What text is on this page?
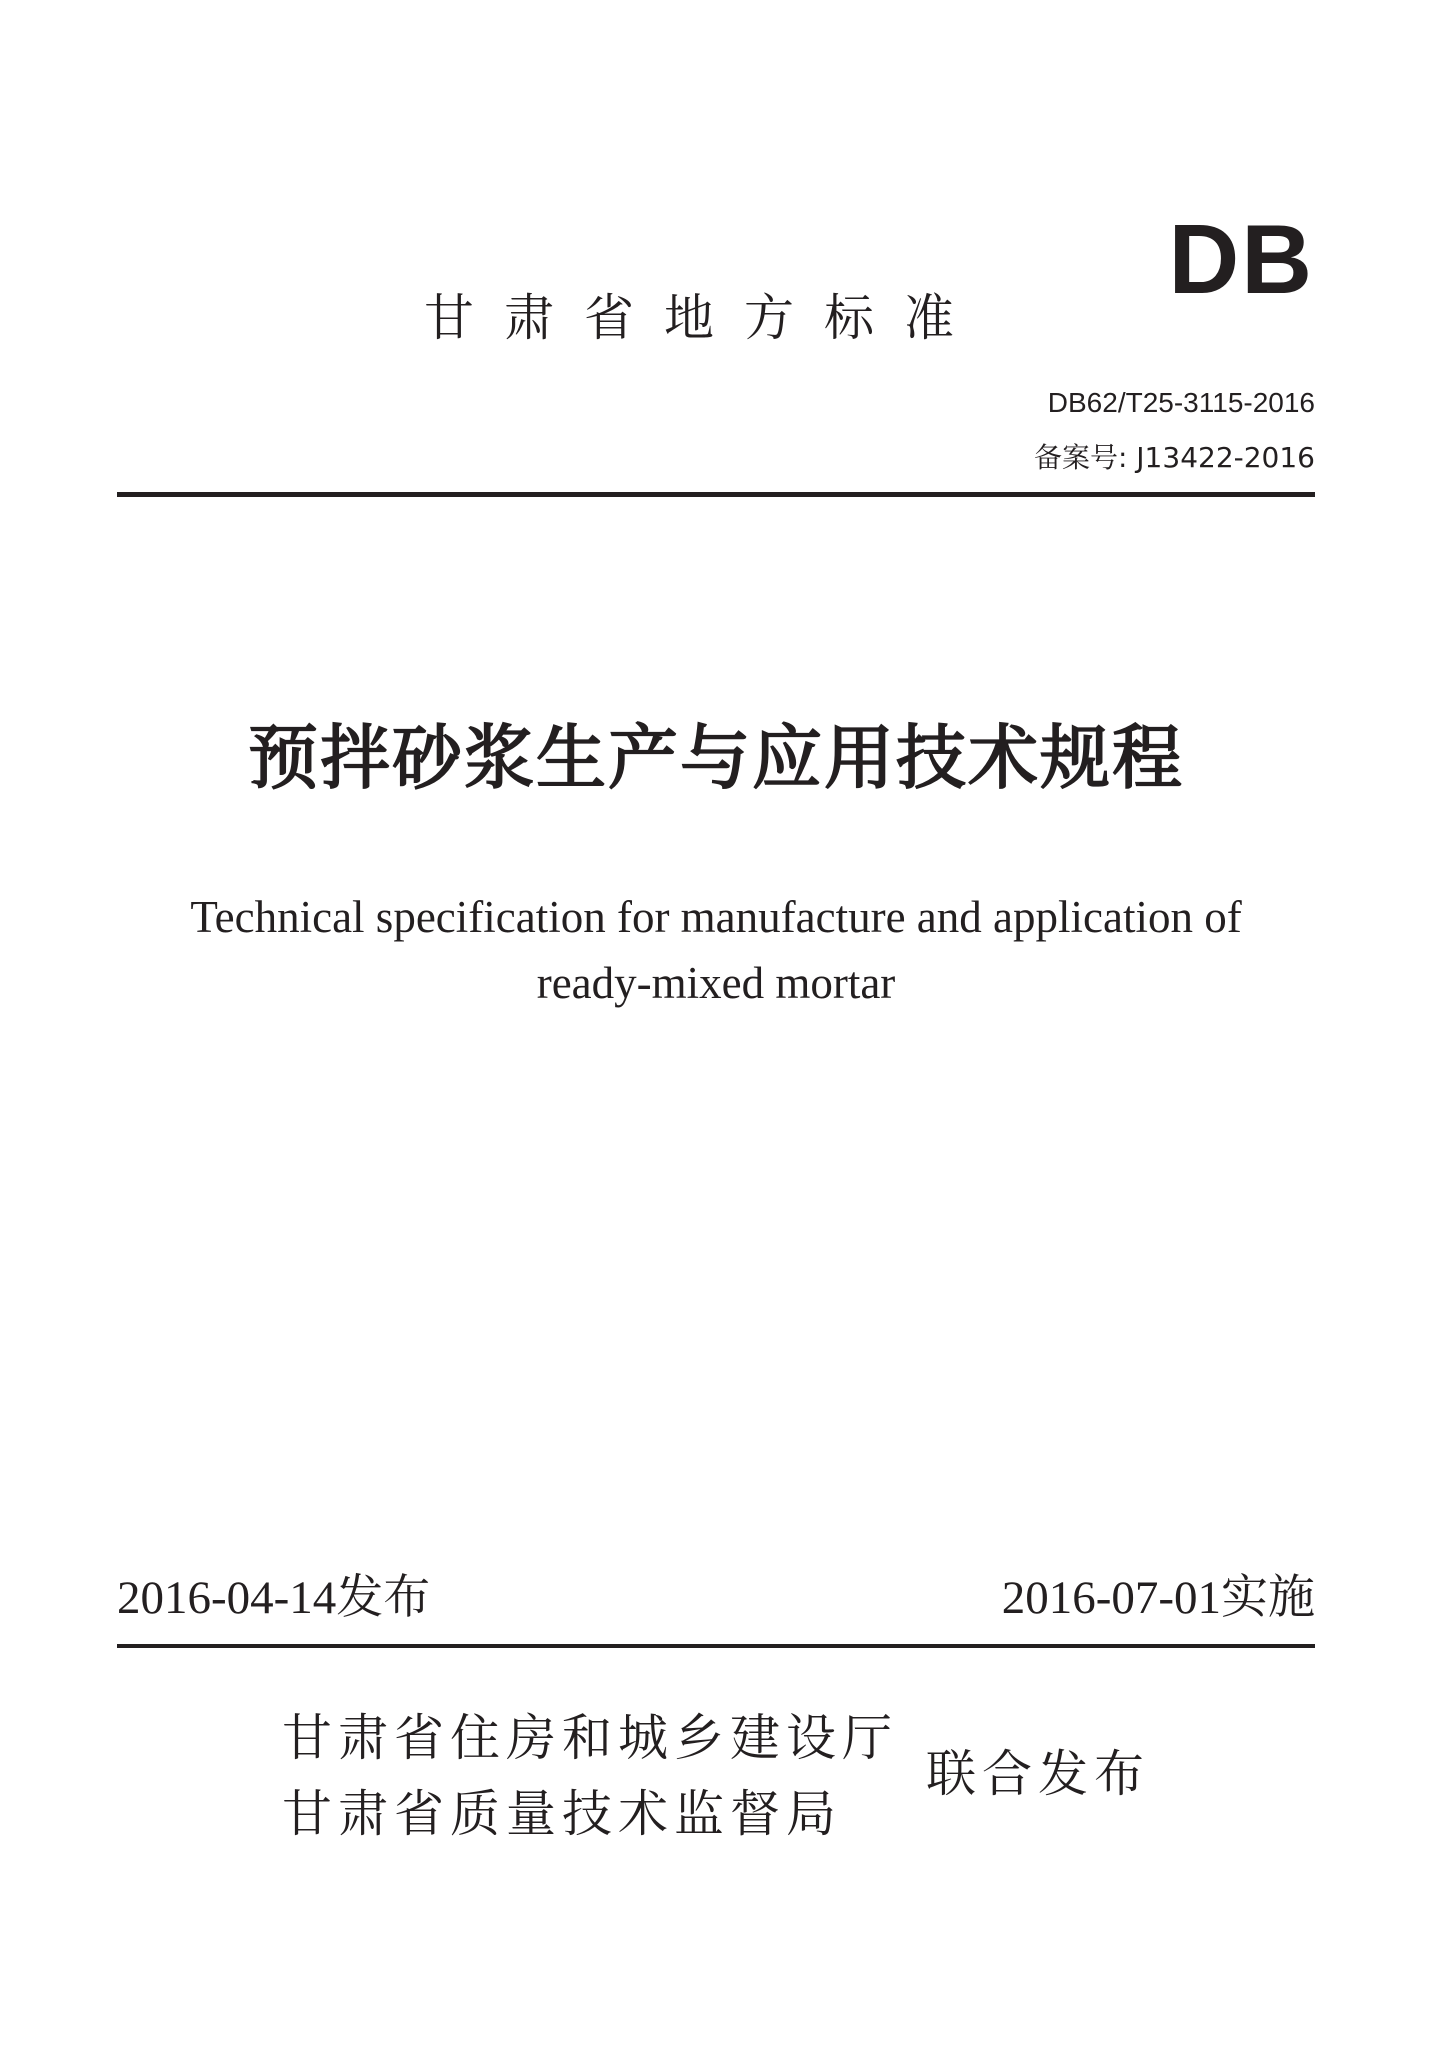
DB
甘肃省地方标准
DB62/T25-3115-2016
备案号: J13422-2016
预拌砂浆生产与应用技术规程
Technical specification for manufacture and application of
ready-mixed mortar
2016-04-14发布	2016-07-01实施
甘肃省住房和城乡建设厅
甘肃省质量技术监督局
联合发布
